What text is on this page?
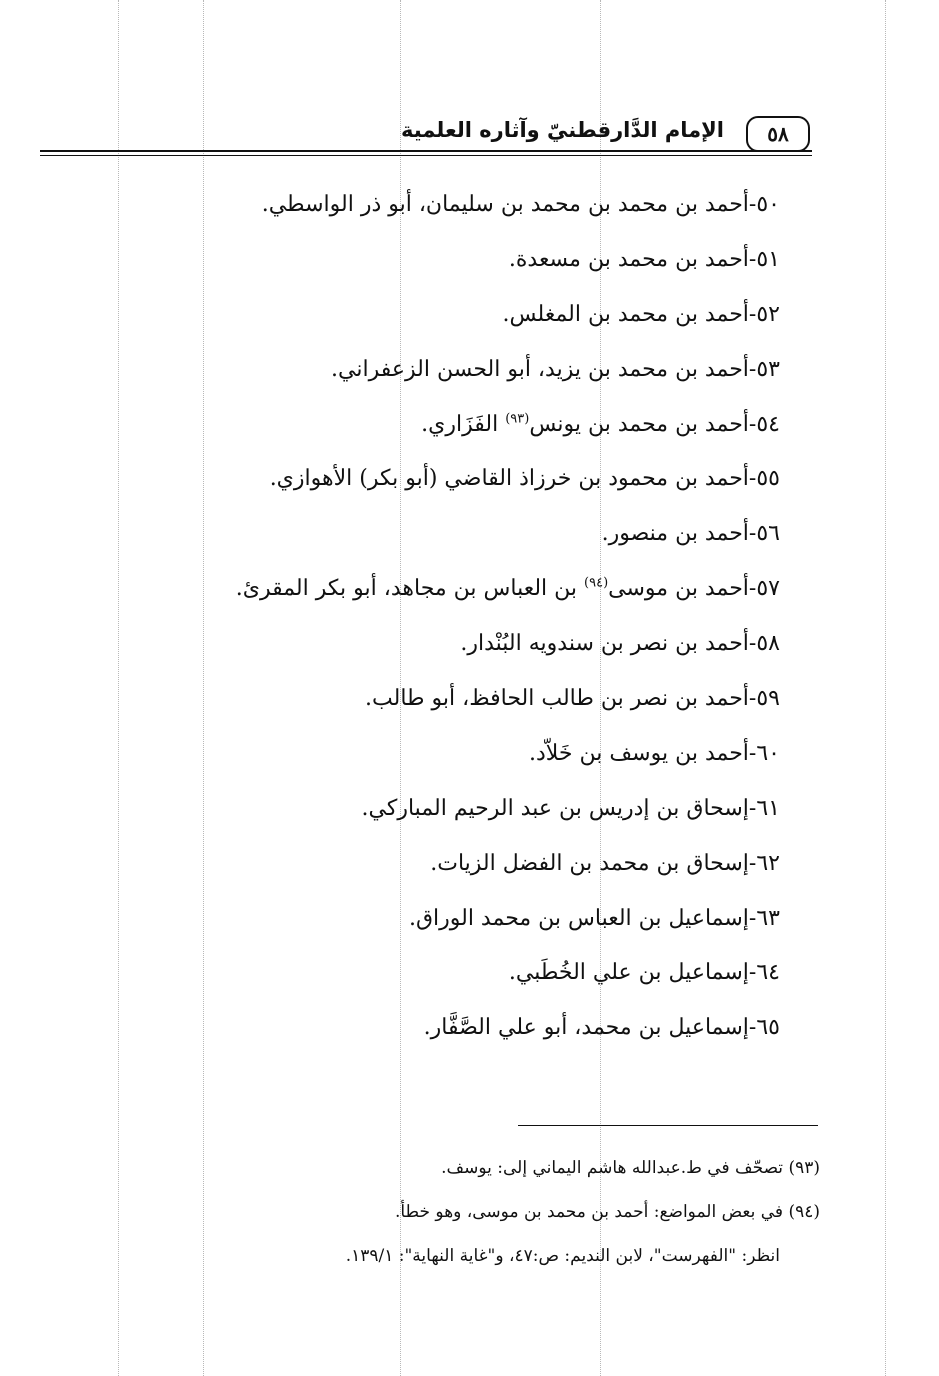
٥٨
الإمام الدَّارقطنيّ وآثاره العلمية
٥٠-أحمد بن محمد بن محمد بن سليمان، أبو ذر الواسطي.
٥١-أحمد بن محمد بن مسعدة.
٥٢-أحمد بن محمد بن المغلس.
٥٣-أحمد بن محمد بن يزيد، أبو الحسن الزعفراني.
٥٤-أحمد بن محمد بن يونس$^{(٩٣)}$ الفَزَاري.
٥٥-أحمد بن محمود بن خرزاذ القاضي (أبو بكر) الأهوازي.
٥٦-أحمد بن منصور.
٥٧-أحمد بن موسى$^{(٩٤)}$ بن العباس بن مجاهد، أبو بكر المقرئ.
٥٨-أحمد بن نصر بن سندويه البُنْدار.
٥٩-أحمد بن نصر بن طالب الحافظ، أبو طالب.
٦٠-أحمد بن يوسف بن خَلاّد.
٦١-إسحاق بن إدريس بن عبد الرحيم المباركي.
٦٢-إسحاق بن محمد بن الفضل الزيات.
٦٣-إسماعيل بن العباس بن محمد الوراق.
٦٤-إسماعيل بن علي الخُطَبي.
٦٥-إسماعيل بن محمد، أبو علي الصَّفَّار.
(٩٣) تصحّف في ط.عبدالله هاشم اليماني إلى: يوسف.
(٩٤) في بعض المواضع: أحمد بن محمد بن موسى، وهو خطأ.
انظر: "الفهرست"، لابن النديم: ص:٤٧، و"غاية النهاية": ١٣٩/١.
